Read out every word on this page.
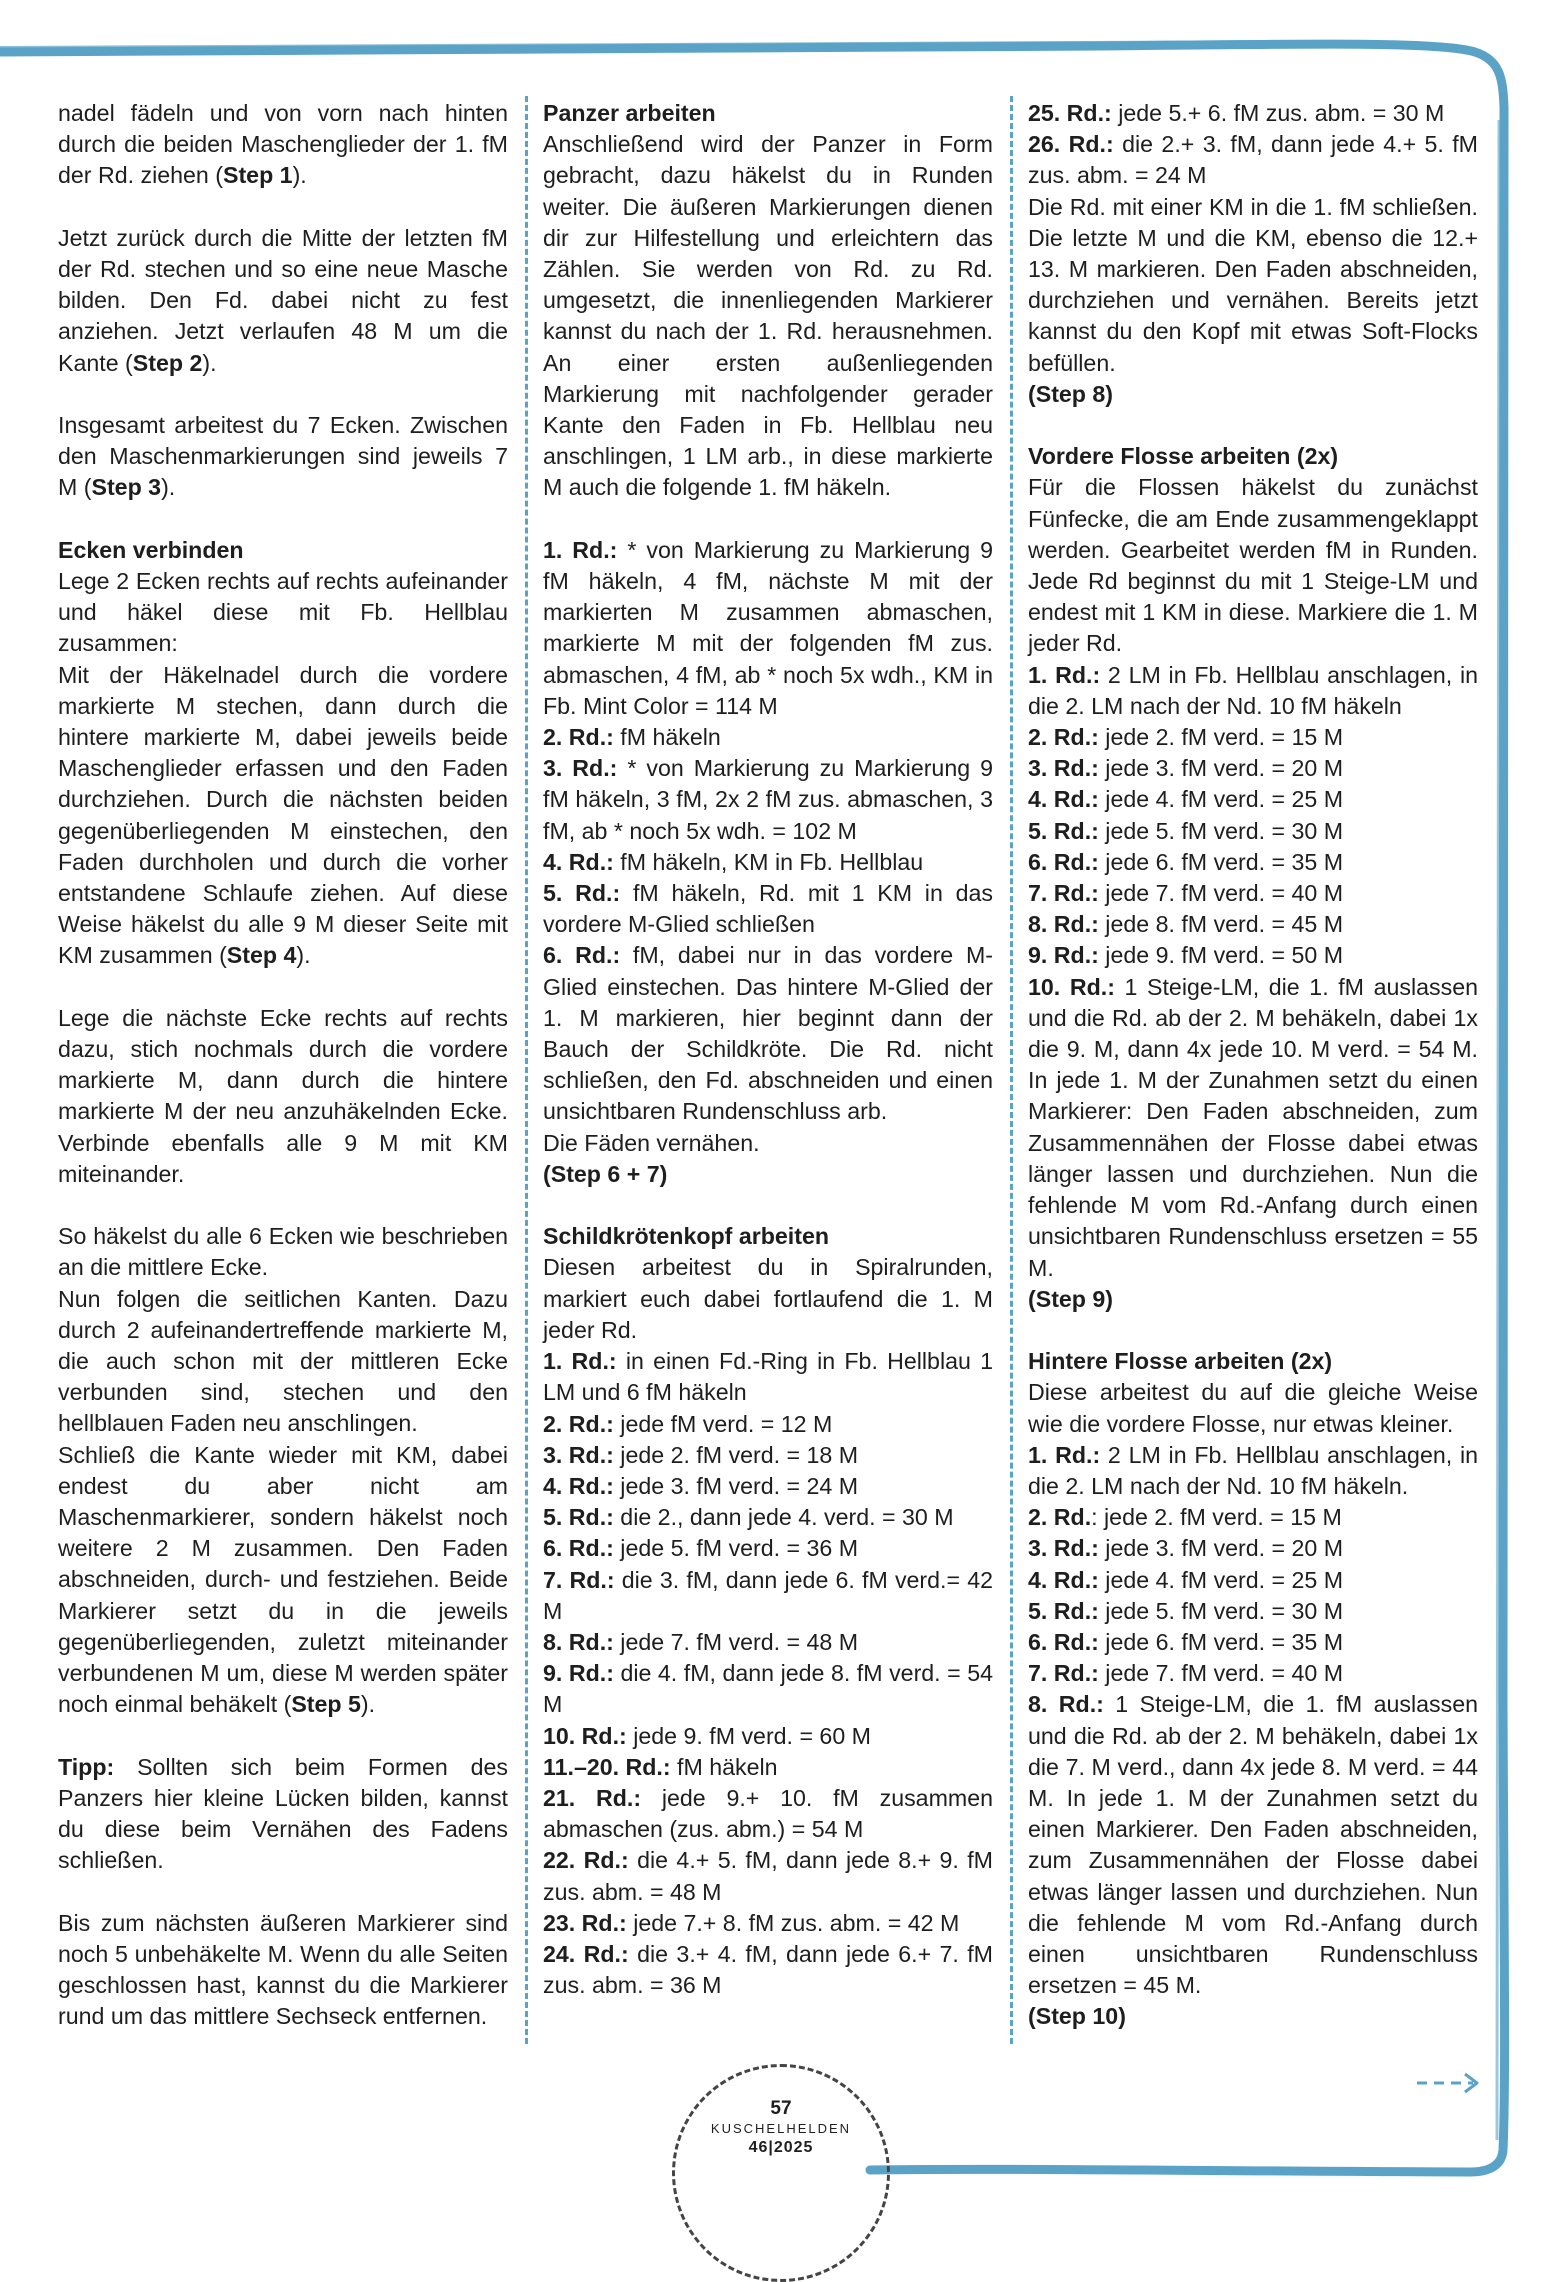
nadel fädeln und von vorn nach hinten durch die beiden Maschenglieder der 1. fM der Rd. ziehen (Step 1).

Jetzt zurück durch die Mitte der letzten fM der Rd. stechen und so eine neue Masche bilden. Den Fd. dabei nicht zu fest anziehen. Jetzt verlaufen 48 M um die Kante (Step 2).

Insgesamt arbeitest du 7 Ecken. Zwischen den Maschenmarkierungen sind jeweils 7 M (Step 3).

Ecken verbinden

Lege 2 Ecken rechts auf rechts aufeinander und häkel diese mit Fb. Hellblau zusammen:

Mit der Häkelnadel durch die vordere markierte M stechen, dann durch die hintere markierte M, dabei jeweils beide Maschenglieder erfassen und den Faden durchziehen. Durch die nächsten beiden gegenüberliegenden M einstechen, den Faden durchholen und durch die vorher entstandene Schlaufe ziehen. Auf diese Weise häkelst du alle 9 M dieser Seite mit KM zusammen (Step 4).

Lege die nächste Ecke rechts auf rechts dazu, stich nochmals durch die vordere markierte M, dann durch die hintere markierte M der neu anzuhäkelnden Ecke. Verbinde ebenfalls alle 9 M mit KM miteinander.

So häkelst du alle 6 Ecken wie beschrieben an die mittlere Ecke.

Nun folgen die seitlichen Kanten. Dazu durch 2 aufeinandertreffende markierte M, die auch schon mit der mittleren Ecke verbunden sind, stechen und den hellblauen Faden neu anschlingen.

Schließ die Kante wieder mit KM, dabei endest du aber nicht am Maschenmarkierer, sondern häkelst noch weitere 2 M zusammen. Den Faden abschneiden, durch- und festziehen. Beide Markierer setzt du in die jeweils gegenüberliegenden, zuletzt miteinander verbundenen M um, diese M werden später noch einmal behäkelt (Step 5).

Tipp: Sollten sich beim Formen des Panzers hier kleine Lücken bilden, kannst du diese beim Vernähen des Fadens schließen.

Bis zum nächsten äußeren Markierer sind noch 5 unbehäkelte M. Wenn du alle Seiten geschlossen hast, kannst du die Markierer rund um das mittlere Sechseck entfernen.

Panzer arbeiten

Anschließend wird der Panzer in Form gebracht, dazu häkelst du in Runden weiter. Die äußeren Markierungen dienen dir zur Hilfestellung und erleichtern das Zählen. Sie werden von Rd. zu Rd. umgesetzt, die innenliegenden Markierer kannst du nach der 1. Rd. herausnehmen. An einer ersten außenliegenden Markierung mit nachfolgender gerader Kante den Faden in Fb. Hellblau neu anschlingen, 1 LM arb., in diese markierte M auch die folgende 1. fM häkeln.

1. Rd.: * von Markierung zu Markierung 9 fM häkeln, 4 fM, nächste M mit der markierten M zusammen abmaschen, markierte M mit der folgenden fM zus. abmaschen, 4 fM, ab * noch 5x wdh., KM in Fb. Mint Color = 114 M

2. Rd.: fM häkeln

3. Rd.: * von Markierung zu Markierung 9 fM häkeln, 3 fM, 2x 2 fM zus. abmaschen, 3 fM, ab * noch 5x wdh. = 102 M

4. Rd.: fM häkeln, KM in Fb. Hellblau

5. Rd.: fM häkeln, Rd. mit 1 KM in das vordere M-Glied schließen

6. Rd.: fM, dabei nur in das vordere M-Glied einstechen. Das hintere M-Glied der 1. M markieren, hier beginnt dann der Bauch der Schildkröte. Die Rd. nicht schließen, den Fd. abschneiden und einen unsichtbaren Rundenschluss arb.

Die Fäden vernähen.

(Step 6 + 7)

Schildkrötenkopf arbeiten

Diesen arbeitest du in Spiralrunden, markiert euch dabei fortlaufend die 1. M jeder Rd.

1. Rd.: in einen Fd.-Ring in Fb. Hellblau 1 LM und 6 fM häkeln

2. Rd.: jede fM verd. = 12 M

3. Rd.: jede 2. fM verd. = 18 M

4. Rd.: jede 3. fM verd. = 24 M

5. Rd.: die 2., dann jede 4. verd. = 30 M

6. Rd.: jede 5. fM verd. = 36 M

7. Rd.: die 3. fM, dann jede 6. fM verd.= 42 M

8. Rd.: jede 7. fM verd. = 48 M

9. Rd.: die 4. fM, dann jede 8. fM verd. = 54 M

10. Rd.: jede 9. fM verd. = 60 M

11.–20. Rd.: fM häkeln

21. Rd.: jede 9.+ 10. fM zusammen abmaschen (zus. abm.) = 54 M

22. Rd.: die 4.+ 5. fM, dann jede 8.+ 9. fM zus. abm. = 48 M

23. Rd.: jede 7.+ 8. fM zus. abm. = 42 M

24. Rd.: die 3.+ 4. fM, dann jede 6.+ 7. fM zus. abm. = 36 M

25. Rd.: jede 5.+ 6. fM zus. abm. = 30 M

26. Rd.: die 2.+ 3. fM, dann jede 4.+ 5. fM zus. abm. = 24 M

Die Rd. mit einer KM in die 1. fM schließen. Die letzte M und die KM, ebenso die 12.+ 13. M markieren. Den Faden abschneiden, durchziehen und vernähen. Bereits jetzt kannst du den Kopf mit etwas Soft-Flocks befüllen.

(Step 8)

Vordere Flosse arbeiten (2x)

Für die Flossen häkelst du zunächst Fünfecke, die am Ende zusammengeklappt werden. Gearbeitet werden fM in Runden. Jede Rd beginnst du mit 1 Steige-LM und endest mit 1 KM in diese. Markiere die 1. M jeder Rd.

1. Rd.: 2 LM in Fb. Hellblau anschlagen, in die 2. LM nach der Nd. 10 fM häkeln

2. Rd.: jede 2. fM verd. = 15 M

3. Rd.: jede 3. fM verd. = 20 M

4. Rd.: jede 4. fM verd. = 25 M

5. Rd.: jede 5. fM verd. = 30 M

6. Rd.: jede 6. fM verd. = 35 M

7. Rd.: jede 7. fM verd. = 40 M

8. Rd.: jede 8. fM verd. = 45 M

9. Rd.: jede 9. fM verd. = 50 M

10. Rd.: 1 Steige-LM, die 1. fM auslassen und die Rd. ab der 2. M behäkeln, dabei 1x die 9. M, dann 4x jede 10. M verd. = 54 M. In jede 1. M der Zunahmen setzt du einen Markierer: Den Faden abschneiden, zum Zusammennähen der Flosse dabei etwas länger lassen und durchziehen. Nun die fehlende M vom Rd.-Anfang durch einen unsichtbaren Rundenschluss ersetzen = 55 M.

(Step 9)

Hintere Flosse arbeiten (2x)

Diese arbeitest du auf die gleiche Weise wie die vordere Flosse, nur etwas kleiner.

1. Rd.: 2 LM in Fb. Hellblau anschlagen, in die 2. LM nach der Nd. 10 fM häkeln.

2. Rd.: jede 2. fM verd. = 15 M

3. Rd.: jede 3. fM verd. = 20 M

4. Rd.: jede 4. fM verd. = 25 M

5. Rd.: jede 5. fM verd. = 30 M

6. Rd.: jede 6. fM verd. = 35 M

7. Rd.: jede 7. fM verd. = 40 M

8. Rd.: 1 Steige-LM, die 1. fM auslassen und die Rd. ab der 2. M behäkeln, dabei 1x die 7. M verd., dann 4x jede 8. M verd. = 44 M. In jede 1. M der Zunahmen setzt du einen Markierer. Den Faden abschneiden, zum Zusammennähen der Flosse dabei etwas länger lassen und durchziehen. Nun die fehlende M vom Rd.-Anfang durch einen unsichtbaren Rundenschluss ersetzen = 45 M.

(Step 10)

57
KUSCHELHELDEN
46|2025
